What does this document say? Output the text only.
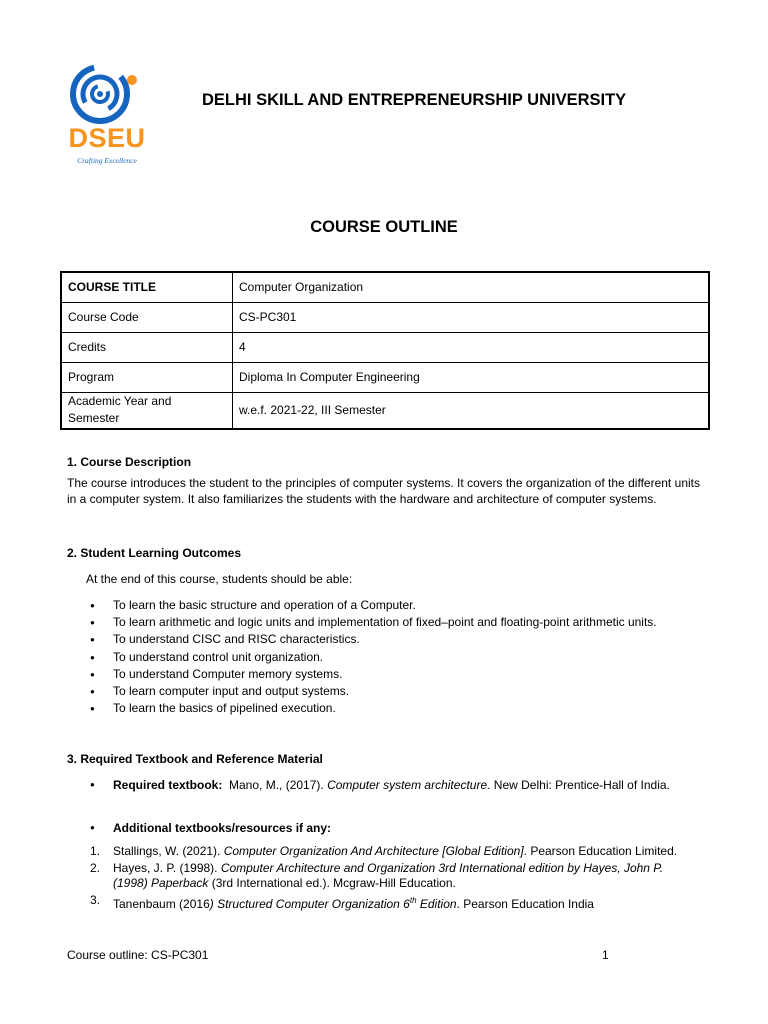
DSEU
Crafting Excellence
DELHI SKILL AND ENTREPRENEURSHIP UNIVERSITY
COURSE OUTLINE
COURSE TITLE	Computer Organization
Course Code	CS-PC301
Credits	4
Program	Diploma In Computer Engineering
Academic Year and Semester	w.e.f. 2021-22, III Semester
1. Course Description
The course introduces the student to the principles of computer systems. It covers the organization of the different units in a computer system. It also familiarizes the students with the hardware and architecture of computer systems.
2. Student Learning Outcomes
At the end of this course, students should be able:
● To learn the basic structure and operation of a Computer.
● To learn arithmetic and logic units and implementation of fixed–point and floating-point arithmetic units.
● To understand CISC and RISC characteristics.
● To understand control unit organization.
● To understand Computer memory systems.
● To learn computer input and output systems.
● To learn the basics of pipelined execution.
3. Required Textbook and Reference Material
● Required textbook: Mano, M., (2017). Computer system architecture. New Delhi: Prentice-Hall of India.
● Additional textbooks/resources if any:
1. Stallings, W. (2021). Computer Organization And Architecture [Global Edition]. Pearson Education Limited.
2. Hayes, J. P. (1998). Computer Architecture and Organization 3rd International edition by Hayes, John P. (1998) Paperback (3rd International ed.). Mcgraw-Hill Education.
3. Tanenbaum (2016) Structured Computer Organization 6th Edition. Pearson Education India
Course outline: CS-PC301	1
